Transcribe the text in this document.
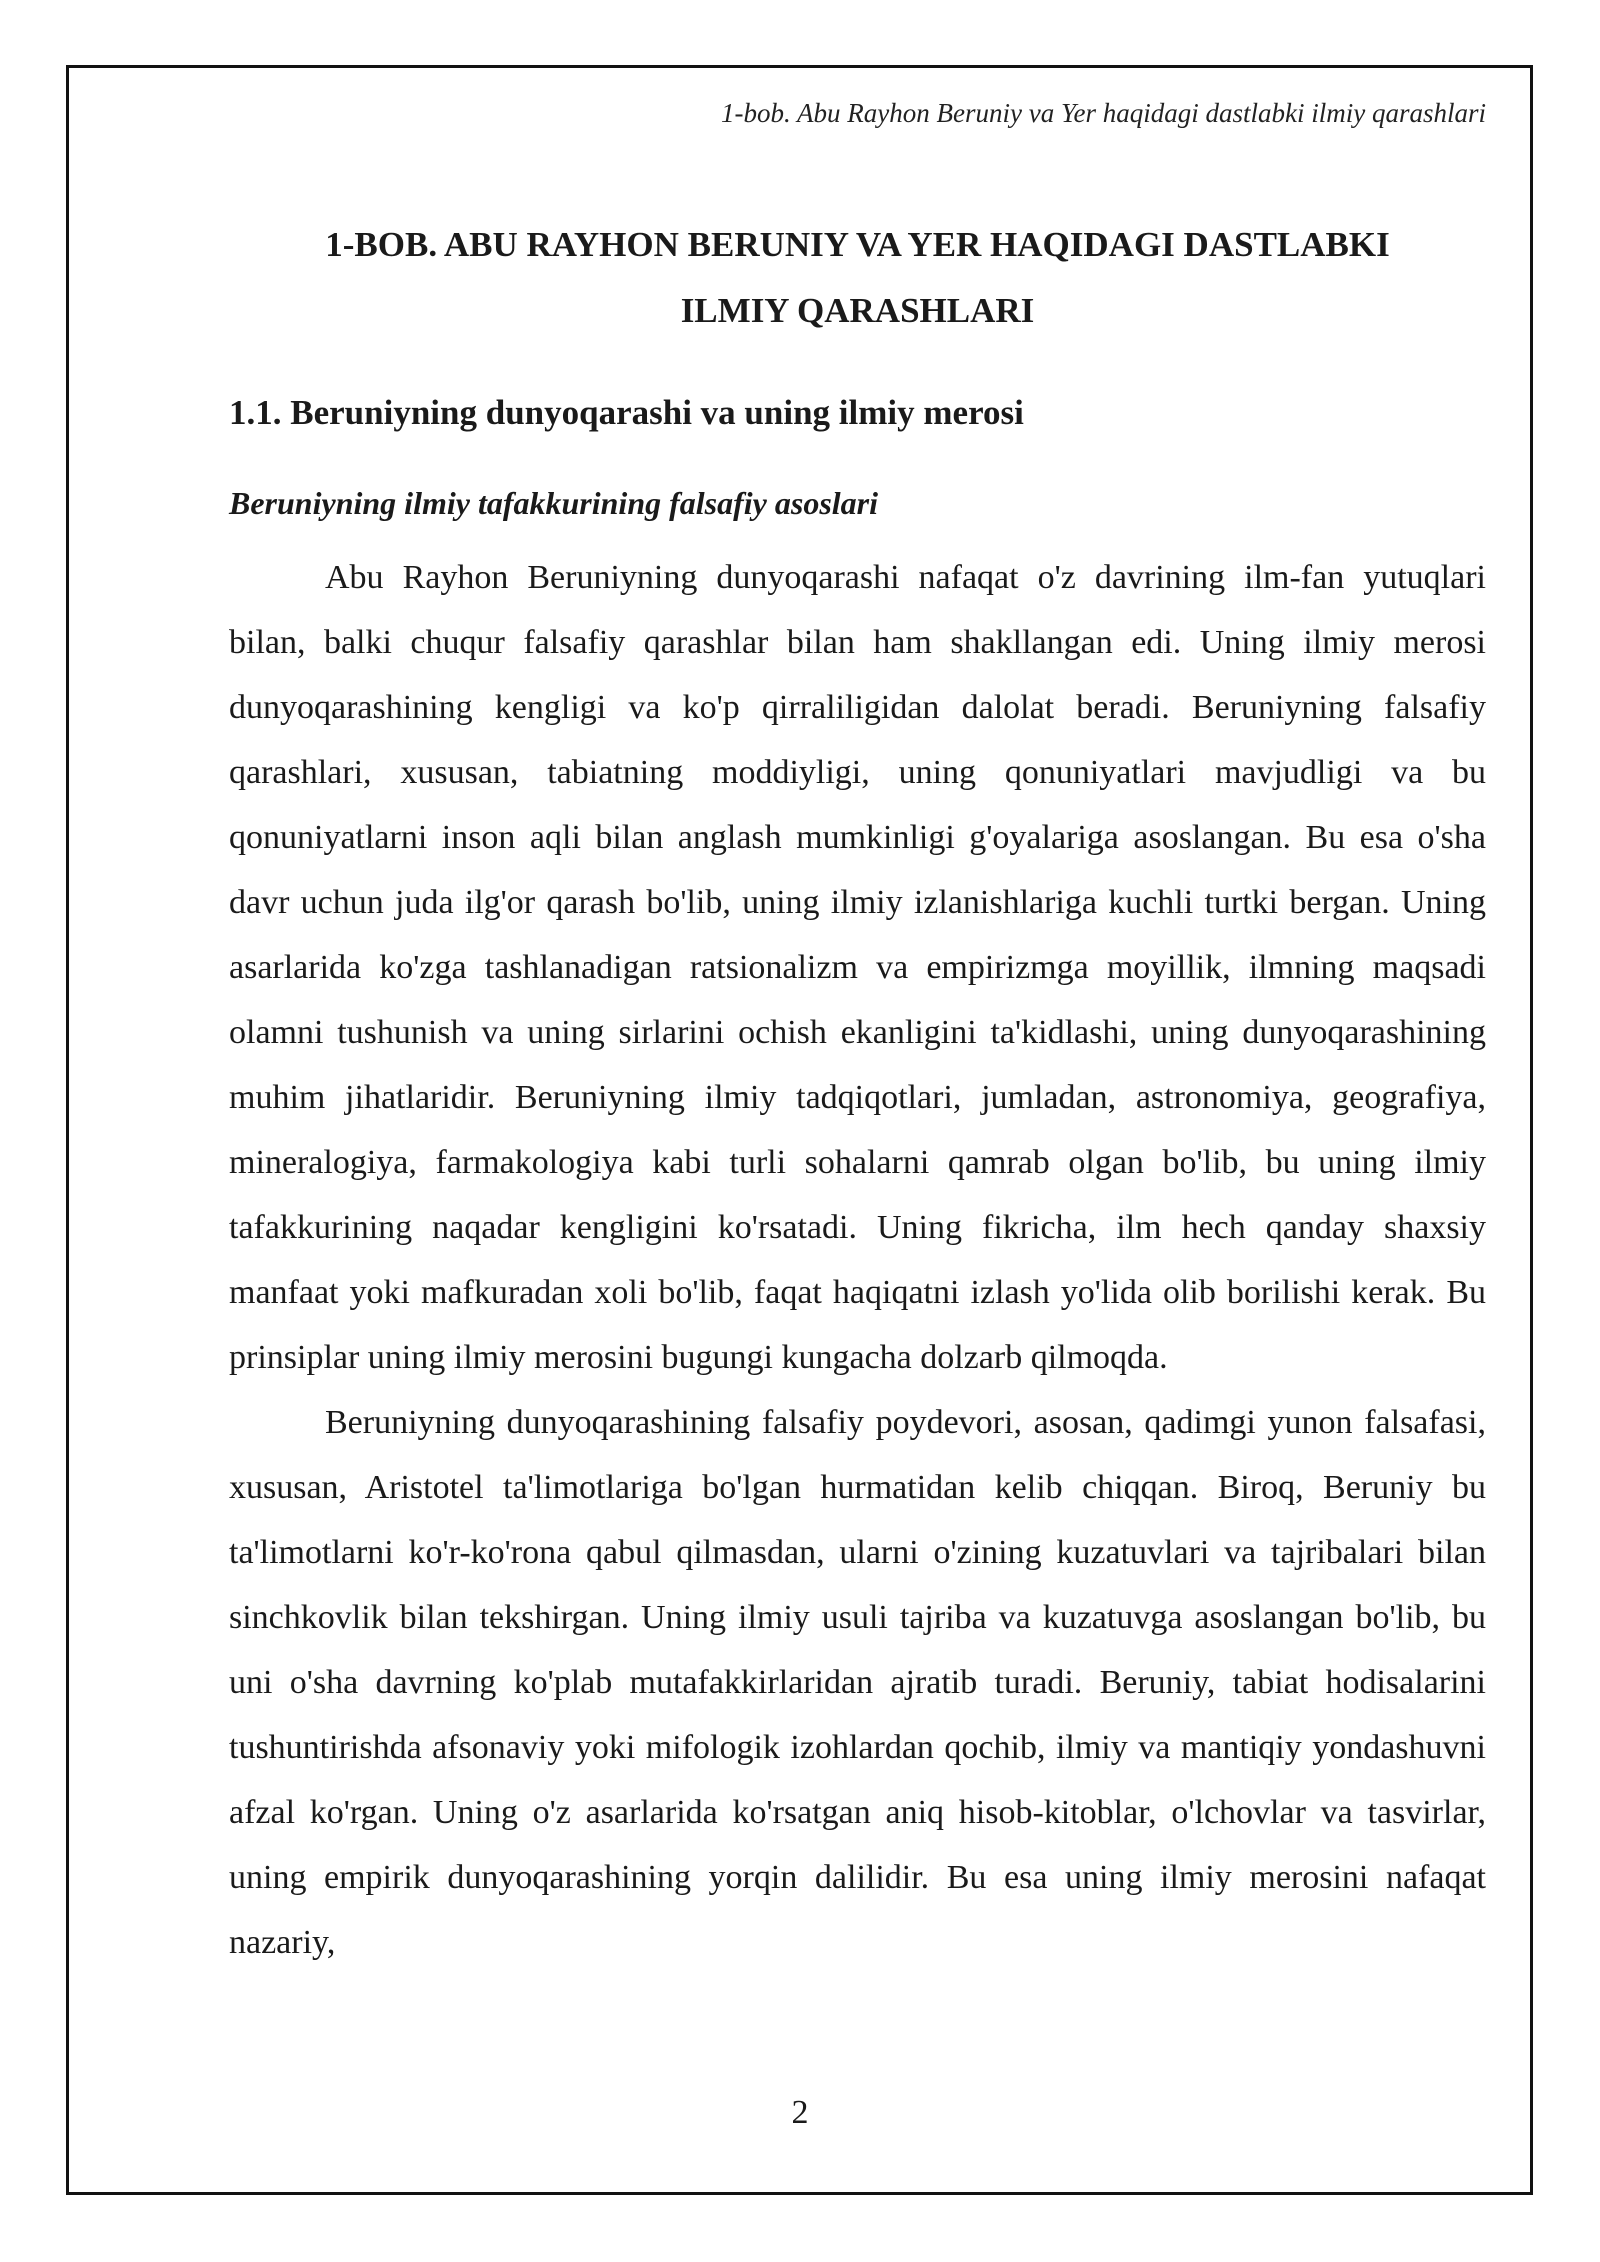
1-bob. Abu Rayhon Beruniy va Yer haqidagi dastlabki ilmiy qarashlari
1-BOB. ABU RAYHON BERUNIY VA YER HAQIDAGI DASTLABKI
ILMIY QARASHLARI
1.1. Beruniyning dunyoqarashi va uning ilmiy merosi
Beruniyning ilmiy tafakkurining falsafiy asoslari

Abu Rayhon Beruniyning dunyoqarashi nafaqat o'z davrining ilm-fan yutuqlari bilan, balki chuqur falsafiy qarashlar bilan ham shakllangan edi. Uning ilmiy merosi dunyoqarashining kengligi va ko'p qirraliligidan dalolat beradi. Beruniyning falsafiy qarashlari, xususan, tabiatning moddiyligi, uning qonuniyatlari mavjudligi va bu qonuniyatlarni inson aqli bilan anglash mumkinligi g'oyalariga asoslangan. Bu esa o'sha davr uchun juda ilg'or qarash bo'lib, uning ilmiy izlanishlariga kuchli turtki bergan. Uning asarlarida ko'zga tashlanadigan ratsionalizm va empirizmga moyillik, ilmning maqsadi olamni tushunish va uning sirlarini ochish ekanligini ta'kidlashi, uning dunyoqarashining muhim jihatlaridir. Beruniyning ilmiy tadqiqotlari, jumladan, astronomiya, geografiya, mineralogiya, farmakologiya kabi turli sohalarni qamrab olgan bo'lib, bu uning ilmiy tafakkurining naqadar kengligini ko'rsatadi. Uning fikricha, ilm hech qanday shaxsiy manfaat yoki mafkuradan xoli bo'lib, faqat haqiqatni izlash yo'lida olib borilishi kerak. Bu prinsiplar uning ilmiy merosini bugungi kungacha dolzarb qilmoqda.

Beruniyning dunyoqarashining falsafiy poydevori, asosan, qadimgi yunon falsafasi, xususan, Aristotel ta'limotlariga bo'lgan hurmatidan kelib chiqqan. Biroq, Beruniy bu ta'limotlarni ko'r-ko'rona qabul qilmasdan, ularni o'zining kuzatuvlari va tajribalari bilan sinchkovlik bilan tekshirgan. Uning ilmiy usuli tajriba va kuzatuvga asoslangan bo'lib, bu uni o'sha davrning ko'plab mutafakkirlaridan ajratib turadi. Beruniy, tabiat hodisalarini tushuntirishda afsonaviy yoki mifologik izohlardan qochib, ilmiy va mantiqiy yondashuvni afzal ko'rgan. Uning o'z asarlarida ko'rsatgan aniq hisob-kitoblar, o'lchovlar va tasvirlar, uning empirik dunyoqarashining yorqin dalilidir. Bu esa uning ilmiy merosini nafaqat nazariy,

2
